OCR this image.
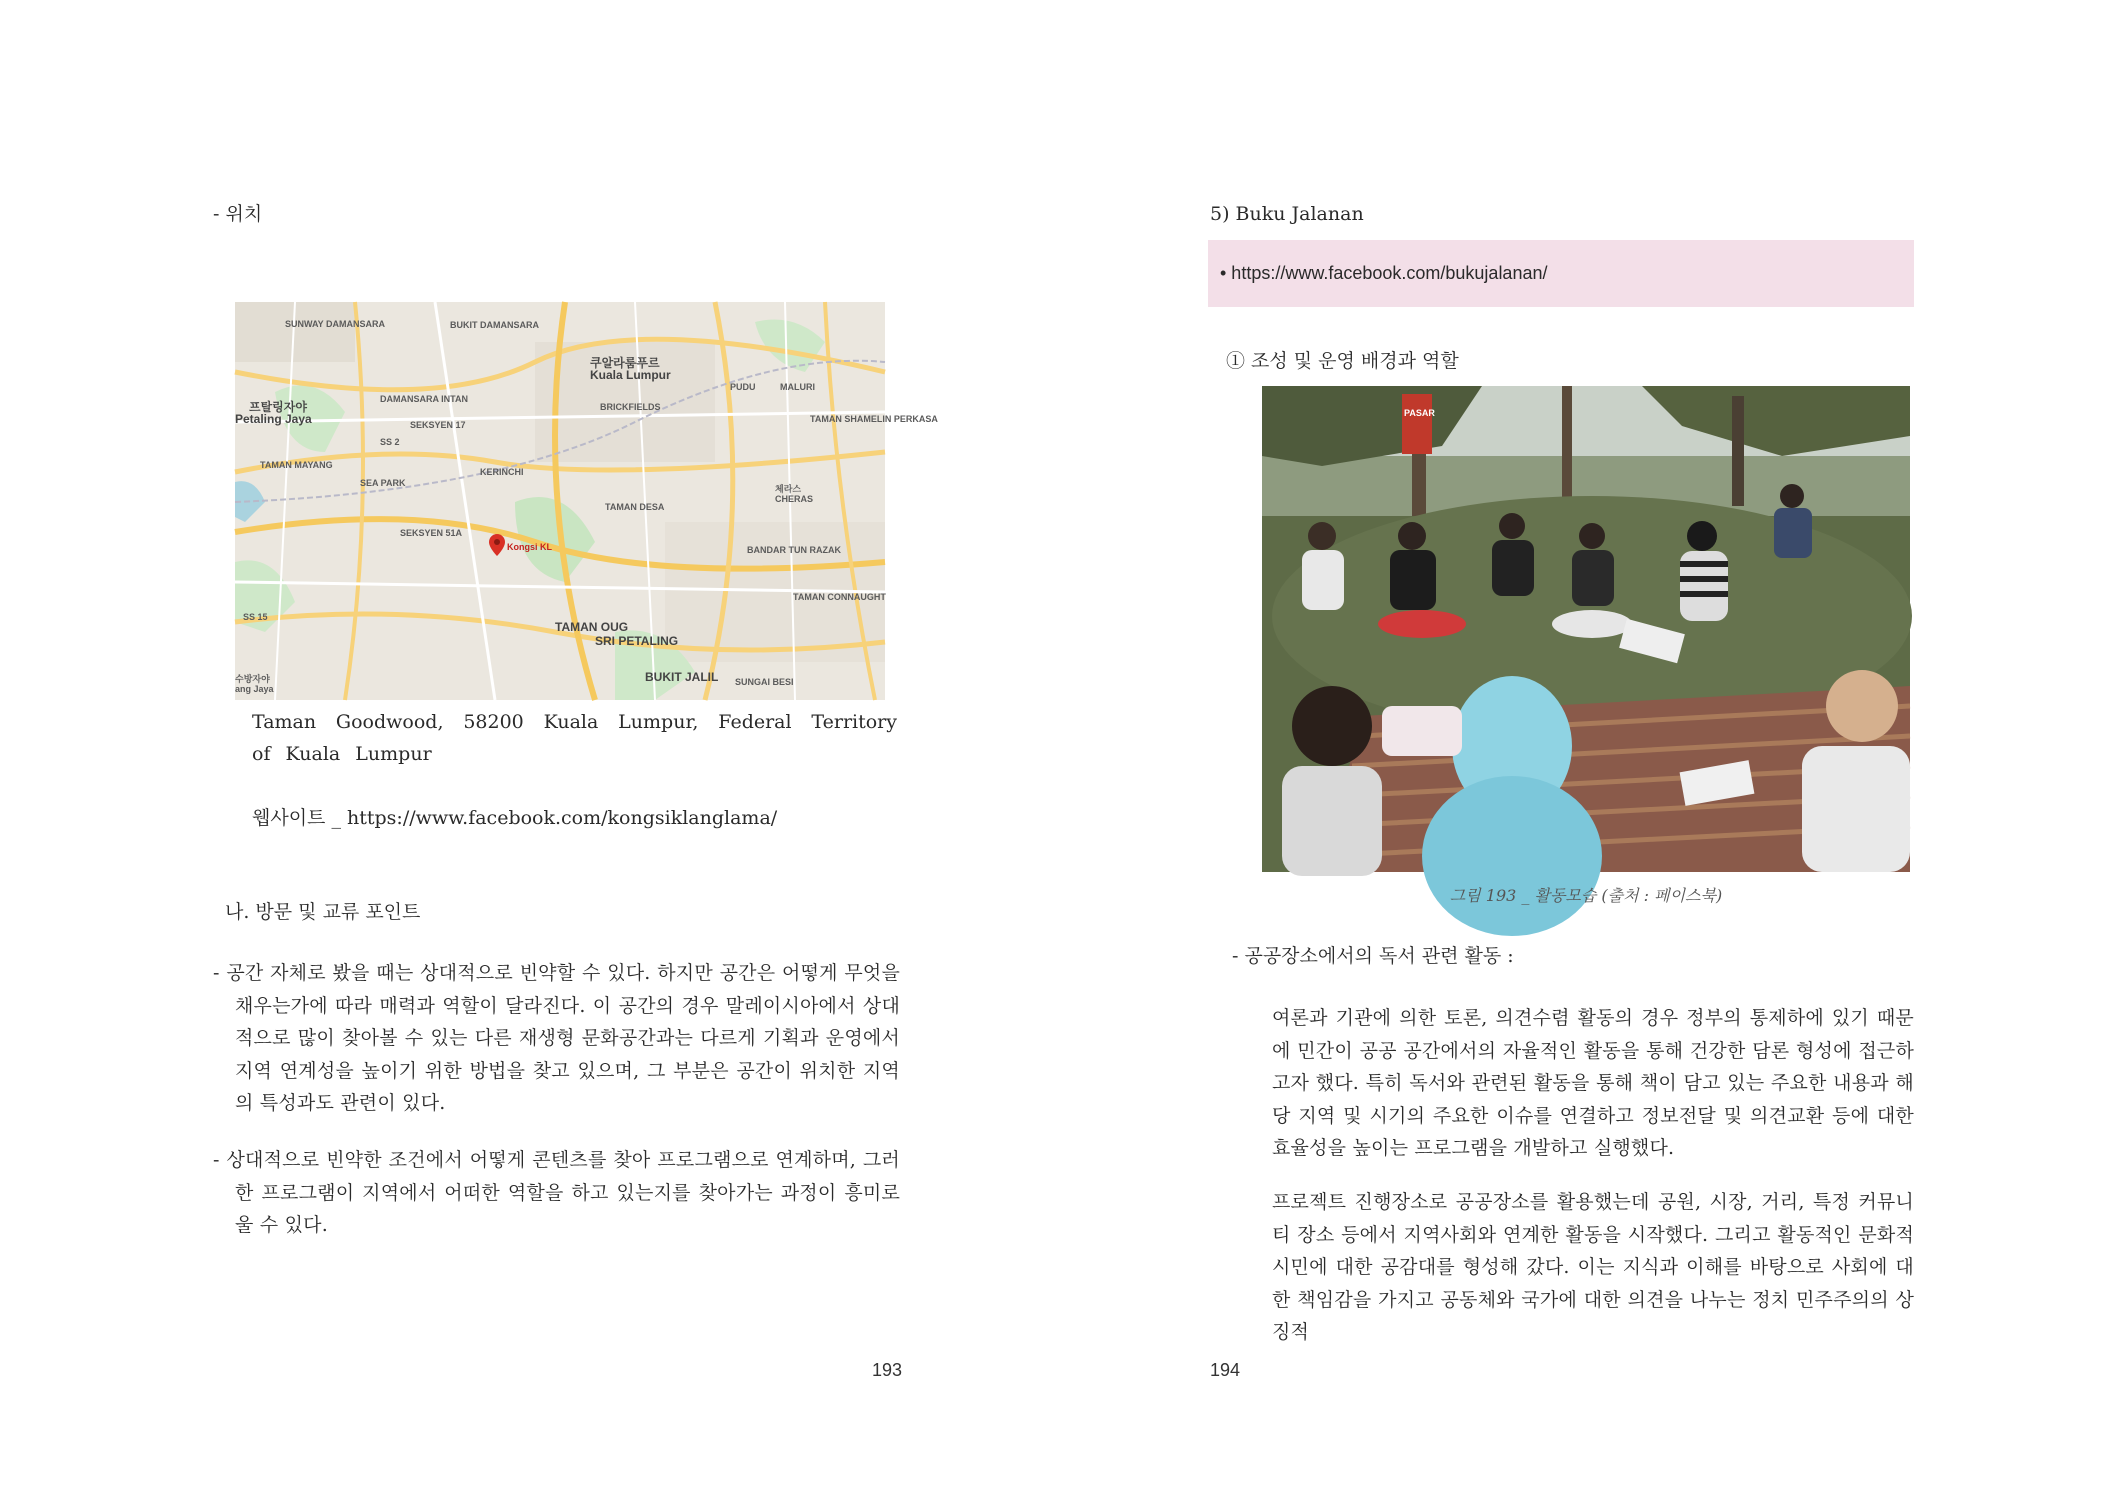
- 위치
SUNWAY DAMANSARA	BUKIT DAMANSARA
쿠알라룸푸르
Kuala Lumpur
PUDU	MALURI
프탈링자야
Petaling Jaya
DAMANSARA INTAN
BRICKFIELDS
SEKSYEN 17
SS 2
TAMAN SHAMELIN PERKASA
TAMAN MAYANG
SEA PARK
체라스
CHERAS
TAMAN DESA
SEKSYEN 51A
BANDAR TUN RAZAK
TAMAN CONNAUGHT
SS 15
TAMAN OUG
SRI PETALING
BUKIT JALIL
수방자야
ang Jaya
KERINCHI
SUNGAI BESI
Kongsi KL
Taman Goodwood, 58200 Kuala Lumpur, Federal Territory of Kuala Lumpur
웹사이트 _ https://www.facebook.com/kongsiklanglama/
나. 방문 및 교류 포인트
- 공간 자체로 봤을 때는 상대적으로 빈약할 수 있다. 하지만 공간은 어떻게 무엇을 채우는가에 따라 매력과 역할이 달라진다. 이 공간의 경우 말레이시아에서 상대적으로 많이 찾아볼 수 있는 다른 재생형 문화공간과는 다르게 기획과 운영에서 지역 연계성을 높이기 위한 방법을 찾고 있으며, 그 부분은 공간이 위치한 지역의 특성과도 관련이 있다.
- 상대적으로 빈약한 조건에서 어떻게 콘텐츠를 찾아 프로그램으로 연계하며, 그러한 프로그램이 지역에서 어떠한 역할을 하고 있는지를 찾아가는 과정이 흥미로울 수 있다.
193
5) Buku Jalanan
• https://www.facebook.com/bukujalanan/
① 조성 및 운영 배경과 역할
PASAR
그림 193 _ 활동모습 (출처 : 페이스북)
- 공공장소에서의 독서 관련 활동 :
여론과 기관에 의한 토론, 의견수렴 활동의 경우 정부의 통제하에 있기 때문에 민간이 공공 공간에서의 자율적인 활동을 통해 건강한 담론 형성에 접근하고자 했다. 특히 독서와 관련된 활동을 통해 책이 담고 있는 주요한 내용과 해당 지역 및 시기의 주요한 이슈를 연결하고 정보전달 및 의견교환 등에 대한 효율성을 높이는 프로그램을 개발하고 실행했다.
프로젝트 진행장소로 공공장소를 활용했는데 공원, 시장, 거리, 특정 커뮤니티 장소 등에서 지역사회와 연계한 활동을 시작했다. 그리고 활동적인 문화적 시민에 대한 공감대를 형성해 갔다. 이는 지식과 이해를 바탕으로 사회에 대한 책임감을 가지고 공동체와 국가에 대한 의견을 나누는 정치 민주주의의 상징적
194
